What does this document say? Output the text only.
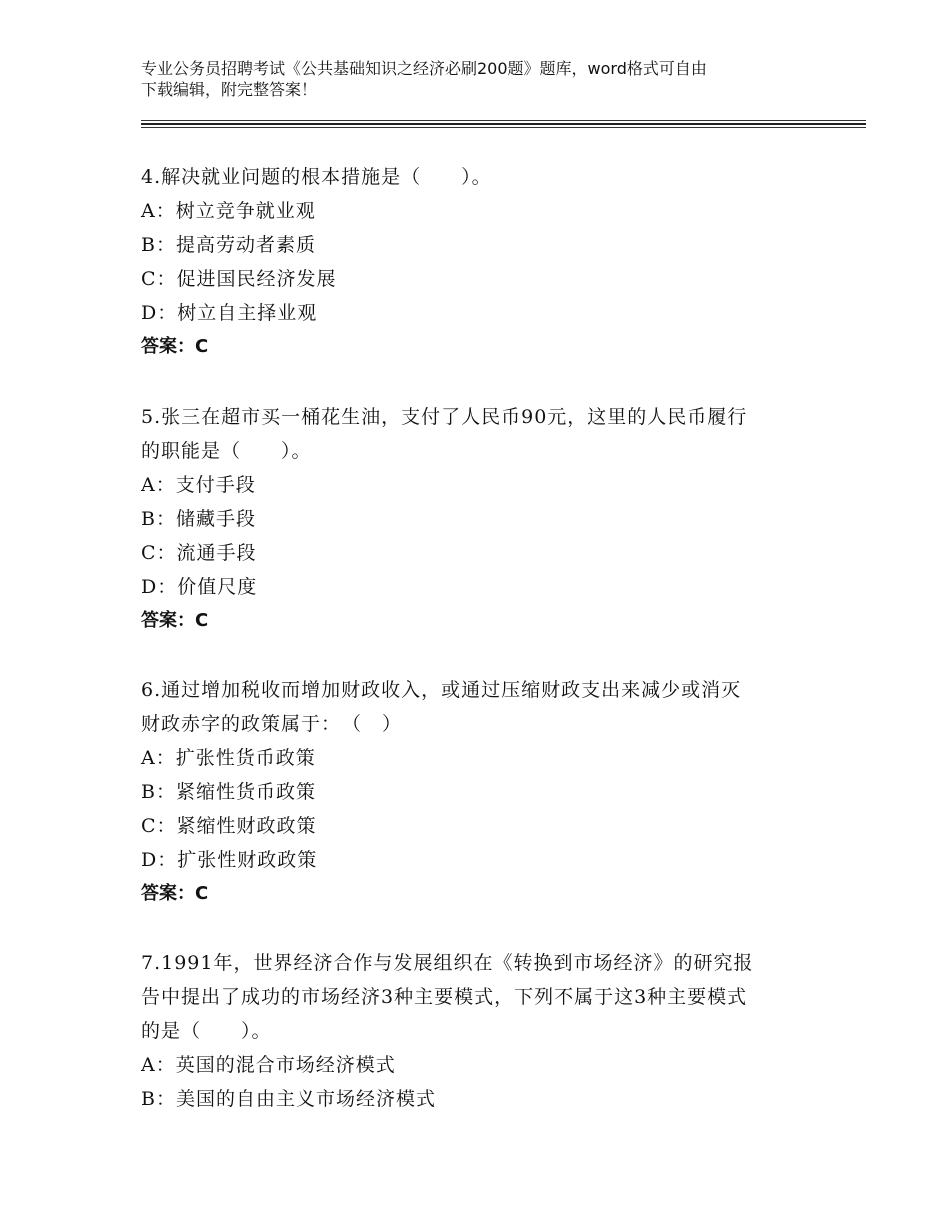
专业公务员招聘考试《公共基础知识之经济必刷200题》题库，word格式可自由
下载编辑，附完整答案！
4.解决就业问题的根本措施是（　　）。
A：树立竞争就业观
B：提高劳动者素质
C：促进国民经济发展
D：树立自主择业观
答案：C
5.张三在超市买一桶花生油，支付了人民币90元，这里的人民币履行
的职能是（　　）。
A：支付手段
B：储藏手段
C：流通手段
D：价值尺度
答案：C
6.通过增加税收而增加财政收入，或通过压缩财政支出来减少或消灭
财政赤字的政策属于：　（　）
A：扩张性货币政策
B：紧缩性货币政策
C：紧缩性财政政策
D：扩张性财政政策
答案：C
7.1991年，世界经济合作与发展组织在《转换到市场经济》的研究报
告中提出了成功的市场经济3种主要模式，下列不属于这3种主要模式
的是（　　）。
A：英国的混合市场经济模式
B：美国的自由主义市场经济模式
